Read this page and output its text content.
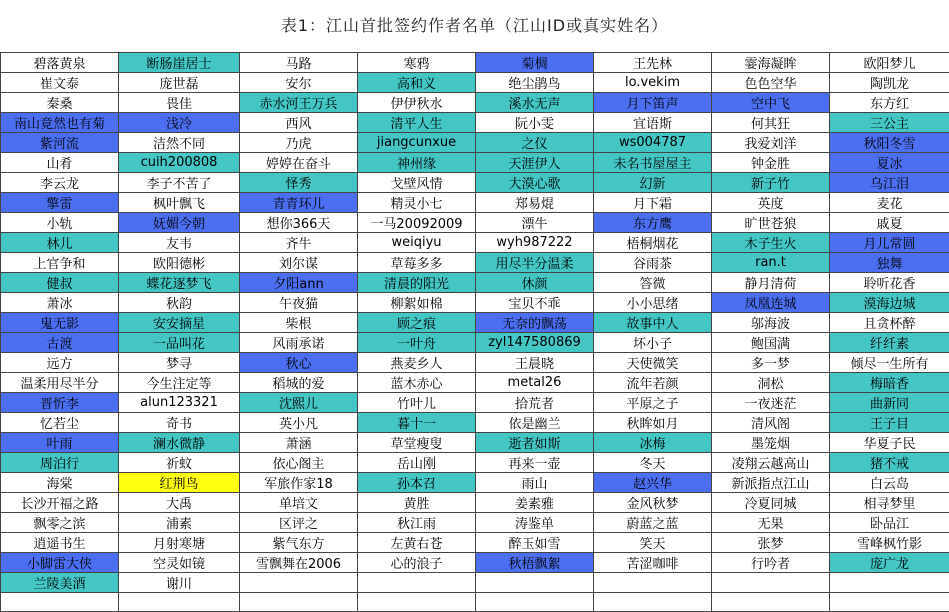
表1：江山首批签约作者名单（江山ID或真实姓名）
碧落黄泉	断肠崖居士	马路	寒鸦	菊椆	王先林	霎海凝眸	欧阳梦儿
崔文泰	庞世磊	安尔	高和义	绝尘鹃鸟	lo.vekim	色色空华	陶凯龙
秦桑	畏佳	赤水河王万兵	伊伊秋水	溪水无声	月下笛声	空中飞	东方红
南山竟然也有菊	浅冷	西风	清平人生	阮小雯	宜语斯	何其狂	三公主
紫河流	洁然不同	乃虎	jiangcunxue	之仪	ws004787	我爱刘洋	秋阳冬雪
山肴	cuih200808	婷婷在奋斗	神州缘	天涯伊人	未名书屋屋主	钟金胜	夏冰
李云龙	李子不苦了	怿秀	戈壁风情	大漠心歌	幻新	新子竹	乌江泪
擎雷	枫叶飘飞	青青环儿	精灵小七	郑易焜	月下霜	英度	麦花
小轨	妩媚今朝	想你366天	一马20092009	漂牛	东方鹰	旷世苍狼	戚夏
林儿	友韦	齐牛	weiqiyu	wyh987222	梧桐烟花	木子生火	月儿常圆
上官争和	欧阳德彬	刘尔谋	草莓多多	用尽半分温柔	谷雨茶	ran.t	独舞
健叔	蝶花逐梦飞	夕阳ann	清晨的阳光	休颜	答微	静月清荷	聆听花香
萧冰	秋韵	午夜猫	柳絮如棉	宝贝不乖	小小思绪	凤凰连城	漠海边城
鬼无影	安安摘星	柴根	顾之痕	无奈的飘荡	故事中人	邬海波	且贪杯醉
古渡	一品叫花	风雨承诺	一叶舟	zyl147580869	坏小子	鲍国满	纤纤素
远方	梦寻	秋心	燕麦乡人	王晨晓	天使微笑	多一梦	倾尽一生所有
温柔用尽半分	今生注定等	稻城的爱	蓝木赤心	metal26	流年若颜	洞松	梅暗香
晋忻李	alun123321	沈熙儿	竹叶儿	拾荒者	平原之子	一夜迷茫	曲新同
忆若尘	奇书	英小凡	暮十一	依是幽兰	秋眸如月	清风阁	王子目
叶雨	澜水微静	萧涵	草堂瘦叟	逝者如斯	冰梅	墨笼烟	华夏子民
周泊行	祈蚊	依心阁主	岳山刚	再来一壶	冬天	凌翔云越高山	猪不戒
海棠	红荆鸟	军旅作家18	孙本召	雨山	赵兴华	新派指点江山	白云岛
长沙开福之路	大禹	单培文	黄胜	姜素雅	金风秋梦	冷夏同城	相寻梦里
飘零之滨	浦素	区评之	秋江雨	涛鉴单	蔚蓝之蓝	无果	卧品江
逍遥书生	月射寒塘	紫气东方	左黄右苍	醉玉如雪	笑天	张梦	雪峰枫竹影
小脚雷大侠	空灵如镜	雪飘舞在2006	心的浪子	秋梧飘絮	苦涩咖啡	行吟者	庞广龙
兰陵美酒	谢川						
